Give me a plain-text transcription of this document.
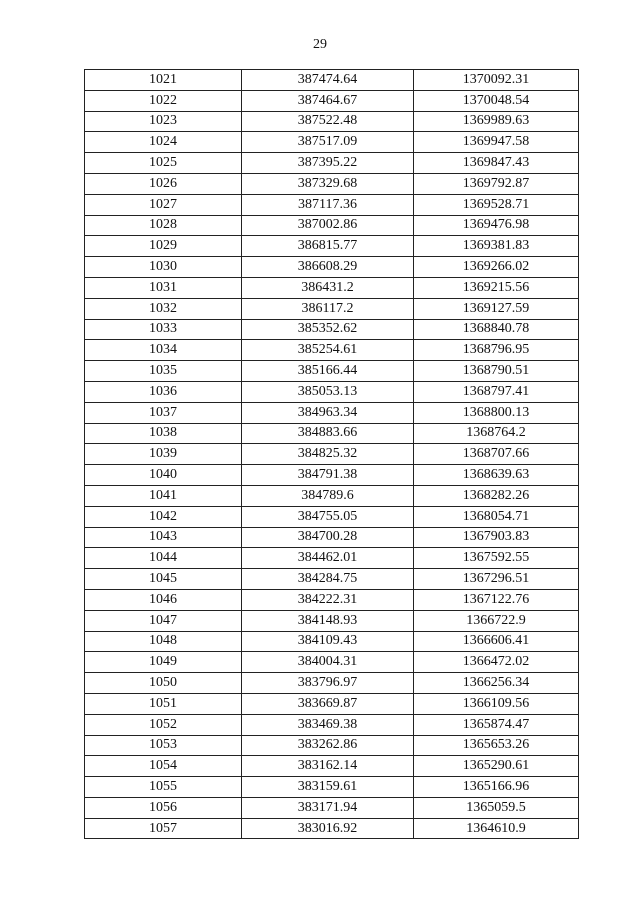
29
1021	387474.64	1370092.31
1022	387464.67	1370048.54
1023	387522.48	1369989.63
1024	387517.09	1369947.58
1025	387395.22	1369847.43
1026	387329.68	1369792.87
1027	387117.36	1369528.71
1028	387002.86	1369476.98
1029	386815.77	1369381.83
1030	386608.29	1369266.02
1031	386431.2	1369215.56
1032	386117.2	1369127.59
1033	385352.62	1368840.78
1034	385254.61	1368796.95
1035	385166.44	1368790.51
1036	385053.13	1368797.41
1037	384963.34	1368800.13
1038	384883.66	1368764.2
1039	384825.32	1368707.66
1040	384791.38	1368639.63
1041	384789.6	1368282.26
1042	384755.05	1368054.71
1043	384700.28	1367903.83
1044	384462.01	1367592.55
1045	384284.75	1367296.51
1046	384222.31	1367122.76
1047	384148.93	1366722.9
1048	384109.43	1366606.41
1049	384004.31	1366472.02
1050	383796.97	1366256.34
1051	383669.87	1366109.56
1052	383469.38	1365874.47
1053	383262.86	1365653.26
1054	383162.14	1365290.61
1055	383159.61	1365166.96
1056	383171.94	1365059.5
1057	383016.92	1364610.9
